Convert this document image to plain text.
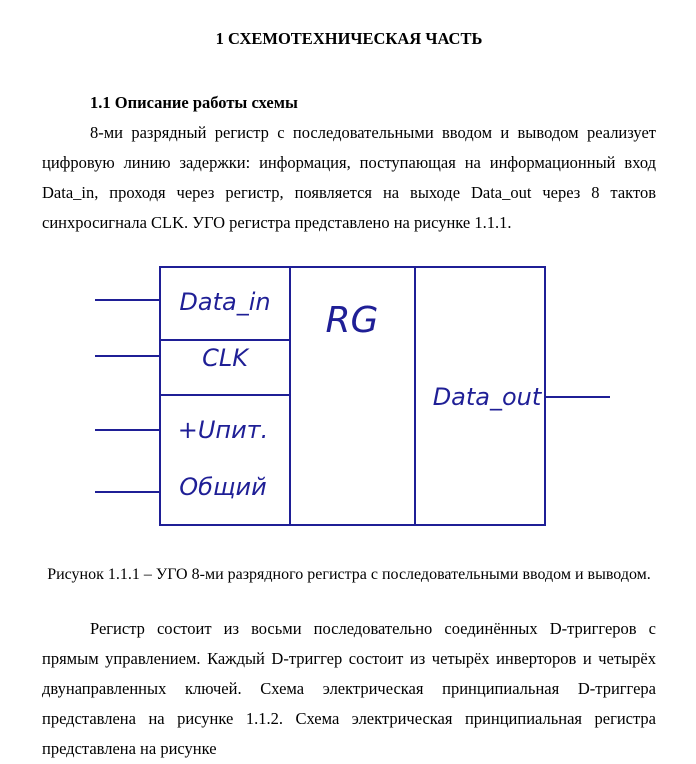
1 СХЕМОТЕХНИЧЕСКАЯ ЧАСТЬ
1.1 Описание работы схемы

8-ми разрядный регистр с последовательными вводом и выводом реализует цифровую линию задержки: информация, поступающая на информационный вход Data_in, проходя через регистр, появляется на выходе Data_out через 8 тактов синхросигнала CLK. УГО регистра представлено на рисунке 1.1.1.

Data_in
CLK
+Uпит.
Общий
RG
Data_out

Рисунок 1.1.1 – УГО 8-ми разрядного регистра с последовательными вводом и выводом.

Регистр состоит из восьми последовательно соединённых D-триггеров с прямым управлением. Каждый D-триггер состоит из четырёх инверторов и четырёх двунаправленных ключей. Схема электрическая принципиальная D-триггера представлена на рисунке 1.1.2. Схема электрическая принципиальная регистра представлена на рисунке
